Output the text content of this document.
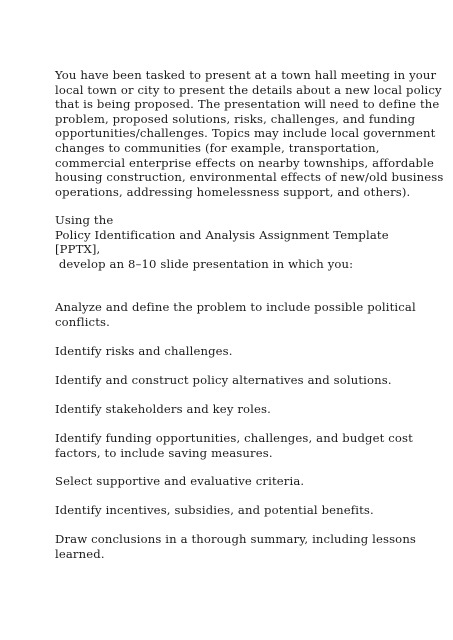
You have been tasked to present at a town hall meeting in your
local town or city to present the details about a new local policy
that is being proposed. The presentation will need to define the
problem, proposed solutions, risks, challenges, and funding
opportunities/challenges. Topics may include local government
changes to communities (for example, transportation,
commercial enterprise effects on nearby townships, affordable
housing construction, environmental effects of new/old business
operations, addressing homelessness support, and others).
Using the
Policy Identification and Analysis Assignment Template
[PPTX],
develop an 8–10 slide presentation in which you:
Analyze and define the problem to include possible political
conflicts.
Identify risks and challenges.
Identify and construct policy alternatives and solutions.
Identify stakeholders and key roles.
Identify funding opportunities, challenges, and budget cost
factors, to include saving measures.
Select supportive and evaluative criteria.
Identify incentives, subsidies, and potential benefits.
Draw conclusions in a thorough summary, including lessons
learned.
